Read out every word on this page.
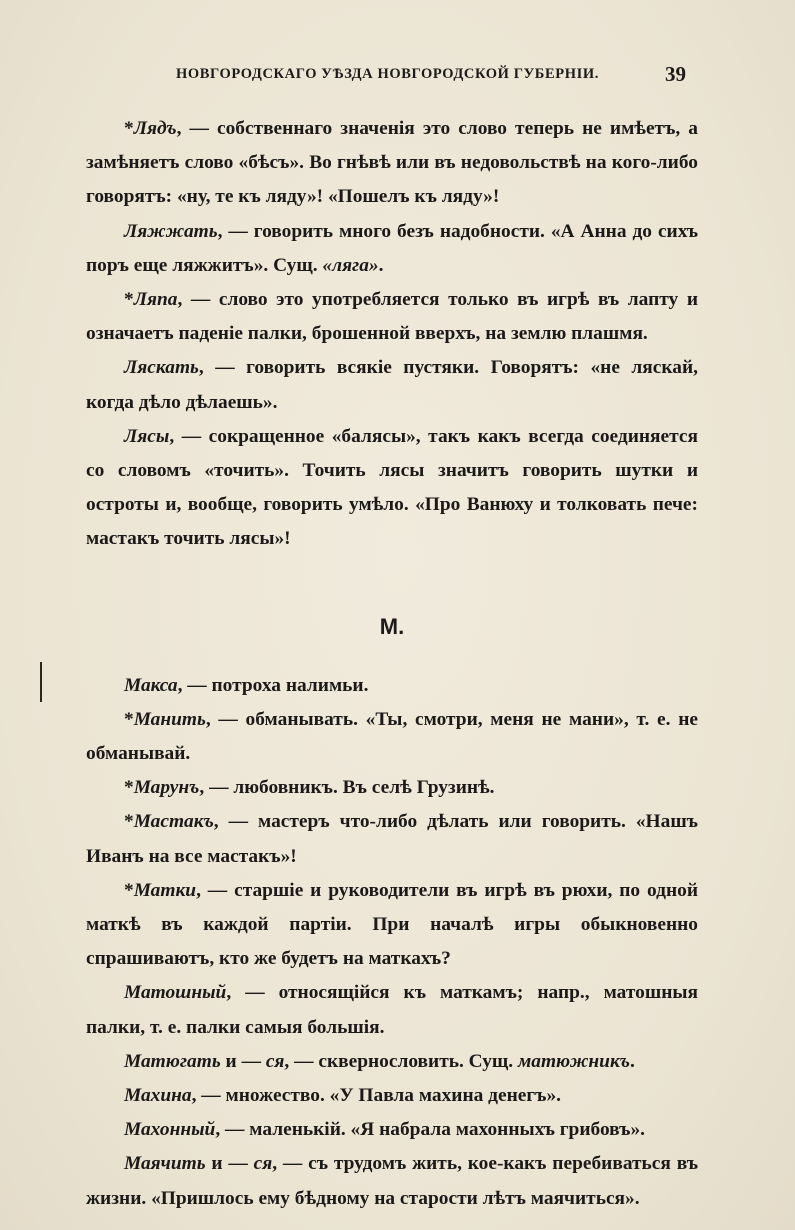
НОВГОРОДСКАГО УѢЗДА НОВГОРОДСКОЙ ГУБЕРНІИ.	39

*Лядъ, — собственнаго значенія это слово теперь не имѣетъ, а замѣняетъ слово «бѣсъ». Во гнѣвѣ или въ недовольствѣ на кого-либо говорятъ: «ну, те къ ляду»! «Пошелъ къ ляду»!

Ляжжать, — говорить много безъ надобности. «А Анна до сихъ поръ еще ляжжитъ». Сущ. «ляга».

*Ляпа, — слово это употребляется только въ игрѣ въ лапту и означаетъ паденіе палки, брошенной вверхъ, на землю плашмя.

Ляскать, — говорить всякіе пустяки. Говорятъ: «не ляскай, когда дѣло дѣлаешь».

Лясы, — сокращенное «балясы», такъ какъ всегда соединяется со словомъ «точить». Точить лясы значитъ говорить шутки и остроты и, вообще, говорить умѣло. «Про Ванюху и толковать пече: мастакъ точить лясы»!

М.

Макса, — потроха налимьи.

*Манить, — обманывать. «Ты, смотри, меня не мани», т. е. не обманывай.

*Марунъ, — любовникъ. Въ селѣ Грузинѣ.

*Мастакъ, — мастеръ что-либо дѣлать или говорить. «Нашъ Иванъ на все мастакъ»!

*Матки, — старшіе и руководители въ игрѣ въ рюхи, по одной маткѣ въ каждой партіи. При началѣ игры обыкновенно спрашиваютъ, кто же будетъ на маткахъ?

Матошный, — относящійся къ маткамъ; напр., матошныя палки, т. е. палки самыя большія.

Матюгать и — ся, — сквернословить. Сущ. матюжникъ.

Махина, — множество. «У Павла махина денегъ».

Махонный, — маленькій. «Я набрала махонныхъ грибовъ».

Маячить и — ся, — съ трудомъ жить, кое-какъ перебиваться въ жизни. «Пришлось ему бѣдному на старости лѣтъ маячиться».
